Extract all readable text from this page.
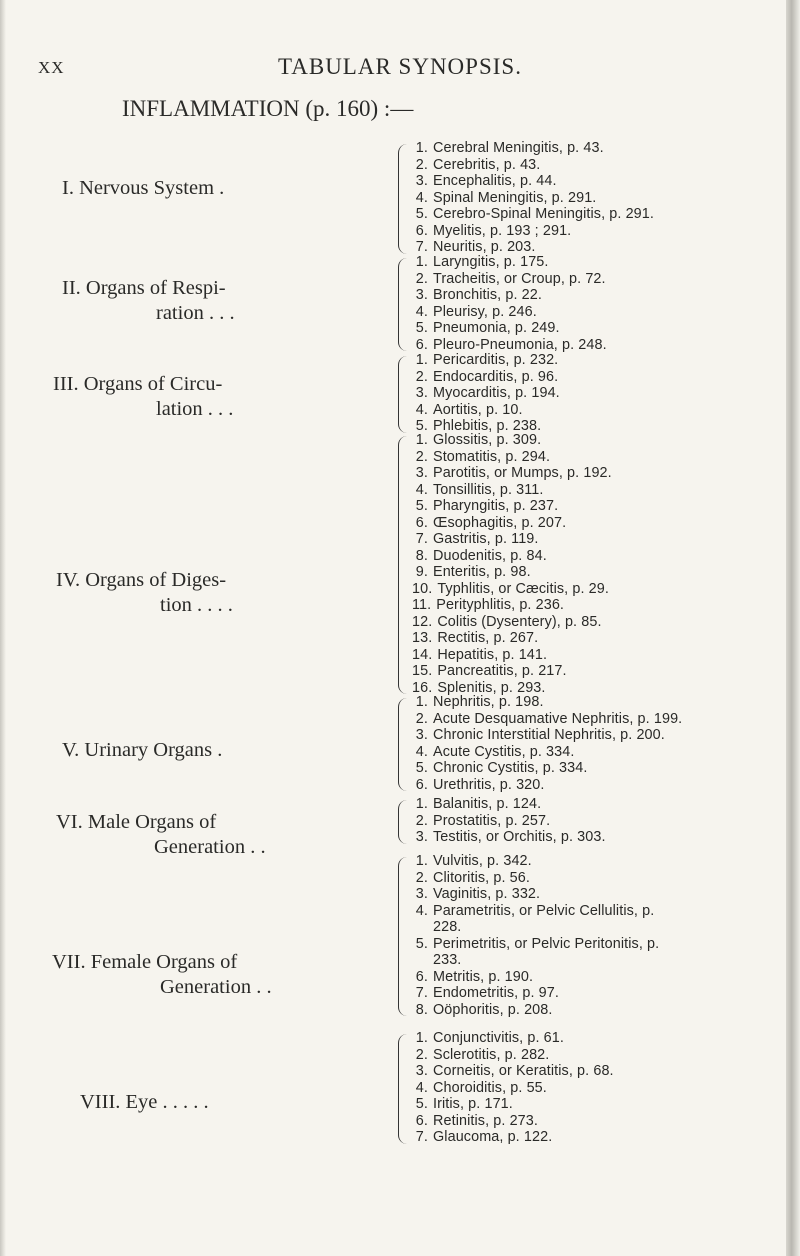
XX	TABULAR SYNOPSIS.
INFLAMMATION (p. 160) :—
I. Nervous System .
1. Cerebral Meningitis, p. 43.
2. Cerebritis, p. 43.
3. Encephalitis, p. 44.
4. Spinal Meningitis, p. 291.
5. Cerebro-Spinal Meningitis, p. 291.
6. Myelitis, p. 193 ; 291.
7. Neuritis, p. 203.
II. Organs of Respi-
ration . . .
1. Laryngitis, p. 175.
2. Tracheitis, or Croup, p. 72.
3. Bronchitis, p. 22.
4. Pleurisy, p. 246.
5. Pneumonia, p. 249.
6. Pleuro-Pneumonia, p. 248.
III. Organs of Circu-
lation . . .
1. Pericarditis, p. 232.
2. Endocarditis, p. 96.
3. Myocarditis, p. 194.
4. Aortitis, p. 10.
5. Phlebitis, p. 238.
IV. Organs of Diges-
tion . . . .
1. Glossitis, p. 309.
2. Stomatitis, p. 294.
3. Parotitis, or Mumps, p. 192.
4. Tonsillitis, p. 311.
5. Pharyngitis, p. 237.
6. Œsophagitis, p. 207.
7. Gastritis, p. 119.
8. Duodenitis, p. 84.
9. Enteritis, p. 98.
10. Typhlitis, or Cæcitis, p. 29.
11. Perityphlitis, p. 236.
12. Colitis (Dysentery), p. 85.
13. Rectitis, p. 267.
14. Hepatitis, p. 141.
15. Pancreatitis, p. 217.
16. Splenitis, p. 293.
V. Urinary Organs .
1. Nephritis, p. 198.
2. Acute Desquamative Nephritis, p. 199.
3. Chronic Interstitial Nephritis, p. 200.
4. Acute Cystitis, p. 334.
5. Chronic Cystitis, p. 334.
6. Urethritis, p. 320.
VI. Male Organs of
Generation . .
1. Balanitis, p. 124.
2. Prostatitis, p. 257.
3. Testitis, or Orchitis, p. 303.
VII. Female Organs of
Generation . .
1. Vulvitis, p. 342.
2. Clitoritis, p. 56.
3. Vaginitis, p. 332.
4. Parametritis, or Pelvic Cellulitis, p.
228.
5. Perimetritis, or Pelvic Peritonitis, p.
233.
6. Metritis, p. 190.
7. Endometritis, p. 97.
8. Oöphoritis, p. 208.
VIII. Eye . . . . .
1. Conjunctivitis, p. 61.
2. Sclerotitis, p. 282.
3. Corneitis, or Keratitis, p. 68.
4. Choroiditis, p. 55.
5. Iritis, p. 171.
6. Retinitis, p. 273.
7. Glaucoma, p. 122.
